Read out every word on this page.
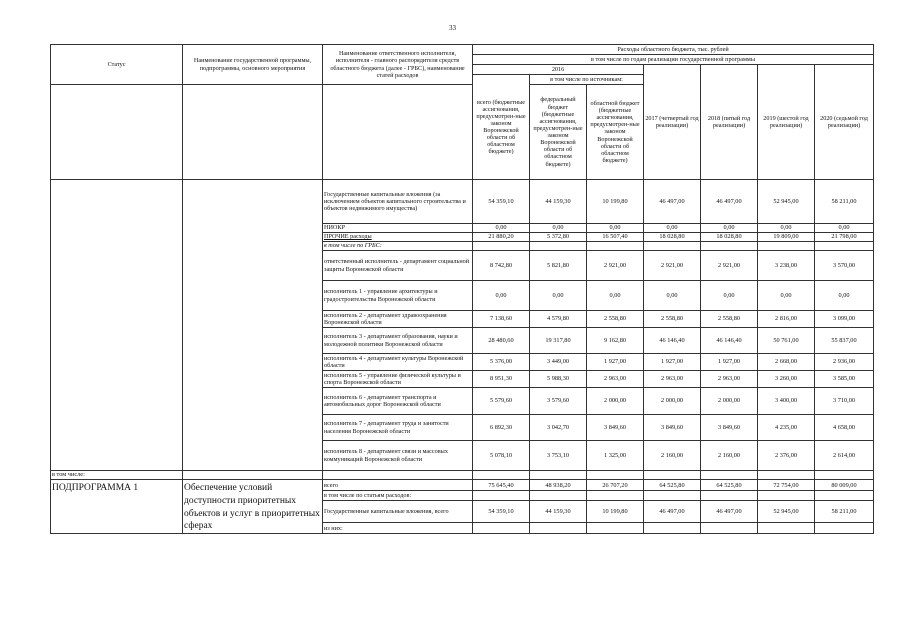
33
Статус	Наименование государственной программы, подпрограммы, основного мероприятия	Наименование ответственного исполнителя, исполнителя - главного распорядителя средств областного бюджета (далее - ГРБС), наименование статей расходов	Расходы областного бюджета, тыс. рублей						
			в том числе по годам реализации государственной программы						
			2016			2017 (четвертый год реализации)	2018 (пятый год реализации)	2019 (шестой год реализации)	2020 (седьмой год реализации)
			всего (бюджетные ассигнования, предусмотрен-ные законом Воронежской области об областном бюджете)	в том числе по источникам:					
				федеральный бюджет (бюджетные ассигнования, предусмотрен-ные законом Воронежской области об областном бюджете)	областной бюджет (бюджетные ассигнования, предусмотрен-ные законом Воронежской области об областном бюджете)				
		Государственные капитальные вложения (за исключением объектов капитального строительства и объектов недвижимого имущества)	54 359,10	44 159,30	10 199,80	46 497,00	46 497,00	52 945,00	58 211,00
		НИОКР	0,00	0,00	0,00	0,00	0,00	0,00	0,00
		ПРОЧИЕ расходы	21 880,20	5 372,80	16 507,40	18 028,80	18 028,80	19 809,00	21 798,00
		в том числе по ГРБС:							
		ответственный исполнитель - департамент социальной защиты Воронежской области	8 742,80	5 821,80	2 921,00	2 921,00	2 921,00	3 238,00	3 570,00
		исполнитель 1 - управление архитектуры и градостроительства Воронежской области	0,00	0,00	0,00	0,00	0,00	0,00	0,00
		исполнитель 2 - департамент здравоохранения Воронежской области	7 138,60	4 579,80	2 558,80	2 558,80	2 558,80	2 816,00	3 099,00
		исполнитель 3 - департамент образования, науки и молодежной политики Воронежской области	28 480,60	19 317,80	9 162,80	46 146,40	46 146,40	50 761,00	55 837,00
		исполнитель 4 - департамент культуры Воронежской области	5 376,00	3 449,00	1 927,00	1 927,00	1 927,00	2 668,00	2 936,00
		исполнитель 5 - управление физической культуры и спорта Воронежской области	8 951,30	5 988,30	2 963,00	2 963,00	2 963,00	3 260,00	3 585,00
		исполнитель 6 - департамент транспорта и автомобильных дорог Воронежской области	5 579,60	3 579,60	2 000,00	2 000,00	2 000,00	3 400,00	3 710,00
		исполнитель 7 - департамент труда и занятости населения Воронежской области	6 892,30	3 042,70	3 849,60	3 849,60	3 849,60	4 235,00	4 658,00
		исполнитель 8 - департамент связи и массовых коммуникаций Воронежской области	5 078,10	3 753,10	1 325,00	2 160,00	2 160,00	2 376,00	2 614,00
в том числе:									
ПОДПРОГРАММА 1	Обеспечение условий доступности приоритетных объектов и услуг в приоритетных сферах	всего	75 645,40	48 938,20	26 707,20	64 525,80	64 525,80	72 754,00	80 009,00
		в том числе по статьям расходов:							
		Государственные капитальные вложения, всего	54 359,10	44 159,30	10 199,80	46 497,00	46 497,00	52 945,00	58 211,00
		из них:							
